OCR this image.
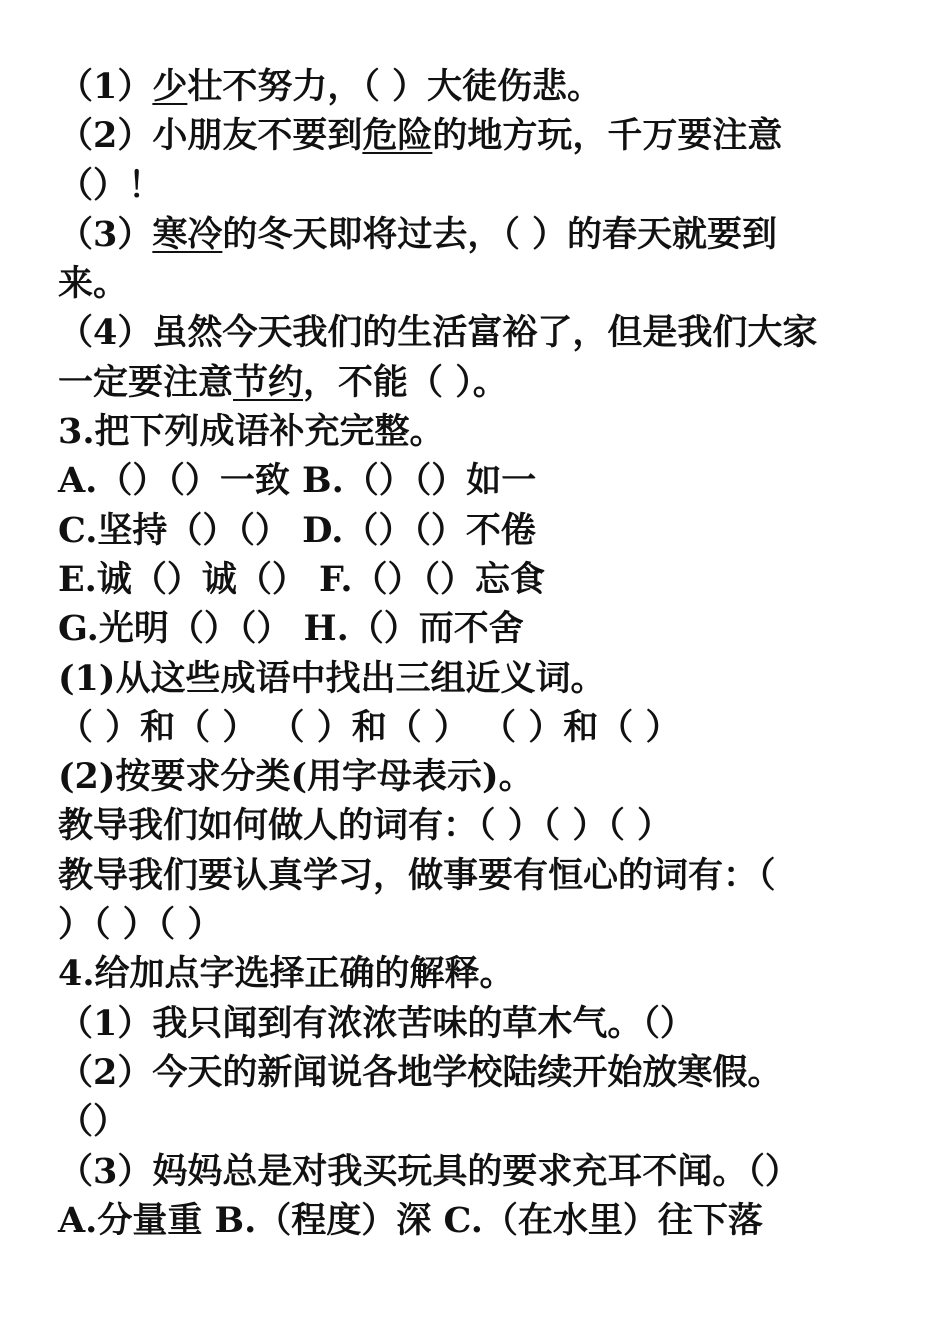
（1）少壮不努力，（ ）大徒伤悲。
（2）小朋友不要到危险的地方玩，千万要注意
（）！
（3）寒冷的冬天即将过去，（ ）的春天就要到
来。
（4）虽然今天我们的生活富裕了，但是我们大家
一定要注意节约，不能（ ）。
3.把下列成语补充完整。
A.（）（）一致 B.（）（）如一
C.坚持（）（） D.（）（）不倦
E.诚（）诚（） F.（）（）忘食
G.光明（）（） H.（）而不舍
(1)从这些成语中找出三组近义词。
（ ）和（ ） （ ）和（ ） （ ）和（ ）
(2)按要求分类(用字母表示)。
教导我们如何做人的词有：（ ）（ ）（ ）
教导我们要认真学习，做事要有恒心的词有：（
）（ ）（ ）
4.给加点字选择正确的解释。
（1）我只闻到有浓浓苦味的草木气。（）
（2）今天的新闻说各地学校陆续开始放寒假。
（）
（3）妈妈总是对我买玩具的要求充耳不闻。（）
A.分量重 B.（程度）深 C.（在水里）往下落
